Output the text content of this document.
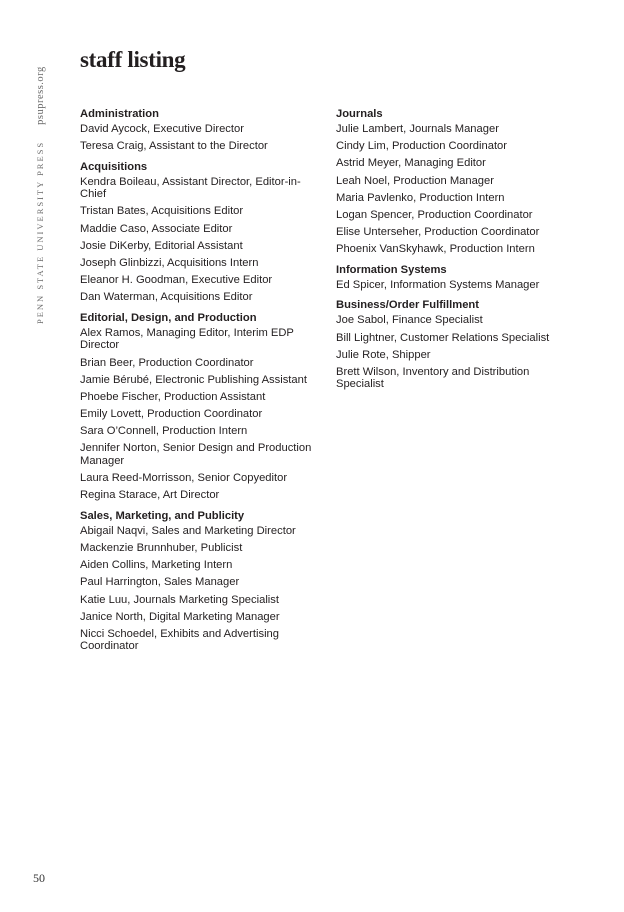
PENN STATE UNIVERSITY PRESSpsupress.org
staff listing
Administration
David Aycock, Executive Director
Teresa Craig, Assistant to the Director
Acquisitions
Kendra Boileau, Assistant Director, Editor-in-Chief
Tristan Bates, Acquisitions Editor
Maddie Caso, Associate Editor
Josie DiKerby, Editorial Assistant
Joseph Glinbizzi, Acquisitions Intern
Eleanor H. Goodman, Executive Editor
Dan Waterman, Acquisitions Editor
Editorial, Design, and Production
Alex Ramos, Managing Editor, Interim EDP Director
Brian Beer, Production Coordinator
Jamie Bérubé, Electronic Publishing Assistant
Phoebe Fischer, Production Assistant
Emily Lovett, Production Coordinator
Sara O’Connell, Production Intern
Jennifer Norton, Senior Design and Production Manager
Laura Reed-Morrisson, Senior Copyeditor
Regina Starace, Art Director
Sales, Marketing, and Publicity
Abigail Naqvi, Sales and Marketing Director
Mackenzie Brunnhuber, Publicist
Aiden Collins, Marketing Intern
Paul Harrington, Sales Manager
Katie Luu, Journals Marketing Specialist
Janice North, Digital Marketing Manager
Nicci Schoedel, Exhibits and Advertising Coordinator
Journals
Julie Lambert, Journals Manager
Cindy Lim, Production Coordinator
Astrid Meyer, Managing Editor
Leah Noel, Production Manager
Maria Pavlenko, Production Intern
Logan Spencer, Production Coordinator
Elise Unterseher, Production Coordinator
Phoenix VanSkyhawk, Production Intern
Information Systems
Ed Spicer, Information Systems Manager
Business/Order Fulfillment
Joe Sabol, Finance Specialist
Bill Lightner, Customer Relations Specialist
Julie Rote, Shipper
Brett Wilson, Inventory and Distribution Specialist
50
